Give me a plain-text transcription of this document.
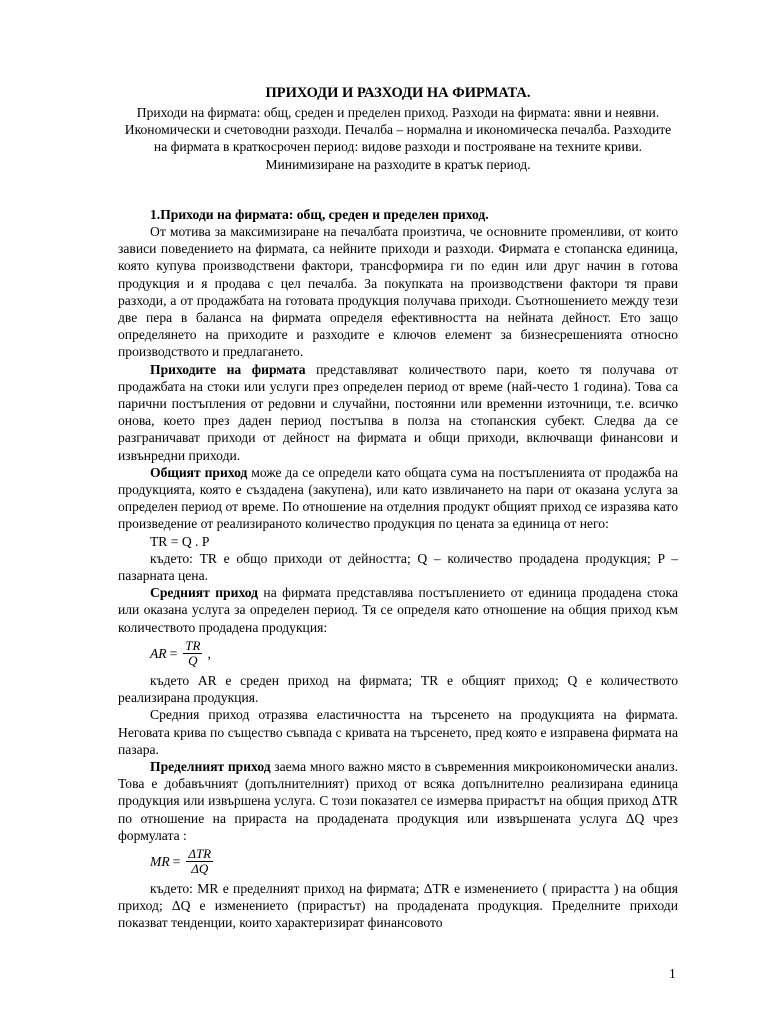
ПРИХОДИ И РАЗХОДИ НА ФИРМАТА.
Приходи на фирмата: общ, среден и пределен приход. Разходи на фирмата: явни и неявни. Икономически и счетоводни разходи. Печалба – нормална и икономическа печалба. Разходите на фирмата в краткосрочен период: видове разходи и построяване на техните криви. Минимизиране на разходите в кратък период.
1.Приходи на фирмата: общ, среден и пределен приход.

От мотива за максимизиране на печалбата произтича, че основните променливи, от които зависи поведението на фирмата, са нейните приходи и разходи. Фирмата е стопанска единица, която купува производствени фактори, трансформира ги по един или друг начин в готова продукция и я продава с цел печалба. За покупката на производствени фактори тя прави разходи, а от продажбата на готовата продукция получава приходи. Съотношението между тези две пера в баланса на фирмата определя ефективността на нейната дейност. Ето защо определянето на приходите и разходите е ключов елемент за бизнесрешенията относно производството и предлагането.

Приходите на фирмата представляват количеството пари, което тя получава от продажбата на стоки или услуги през определен период от време (най-често 1 година). Това са парични постъпления от редовни и случайни, постоянни или временни източници, т.е. всичко онова, което през даден период постъпва в полза на стопанския субект. Следва да се разграничават приходи от дейност на фирмата и общи приходи, включващи финансови и извънредни приходи.

Общият приход може да се определи като общата сума на постъпленията от продажба на продукцията, която е създадена (закупена), или като извличането на пари от оказана услуга за определен период от време. По отношение на отделния продукт общият приход се изразява като произведение от реализираното количество продукция по цената за единица от него:

TR = Q . P

където: TR е общо приходи от дейността; Q – количество продадена продукция; P – пазарната цена.

Средният приход на фирмата представлява постъплението от единица продадена стока или оказана услуга за определен период. Тя се определя като отношение на общия приход към количеството продадена продукция:

AR = $\frac{TR}{Q}$ ,

където AR е среден приход на фирмата; TR е общият приход; Q е количеството реализирана продукция.

Средния приход отразява еластичността на търсенето на продукцията на фирмата. Неговата крива по същество съвпада с кривата на търсенето, пред която е изправена фирмата на пазара.

Пределният приход заема много важно място в съвременния микроикономически анализ. Това е добавъчният (допълнителният) приход от всяка допълнително реализирана единица продукция или извършена услуга. С този показател се измерва прирастът на общия приход ΔTR по отношение на прираста на продадената продукция или извършената услуга ΔQ чрез формулата :

MR = $\frac{\text{ΔTR}}{\Delta Q}$

където: MR е пределният приход на фирмата; ΔTR е изменението ( прирастта ) на общия приход; ΔQ е изменението (прирастът) на продадената продукция. Пределните приходи показват тенденции, които характеризират финансовото

1
